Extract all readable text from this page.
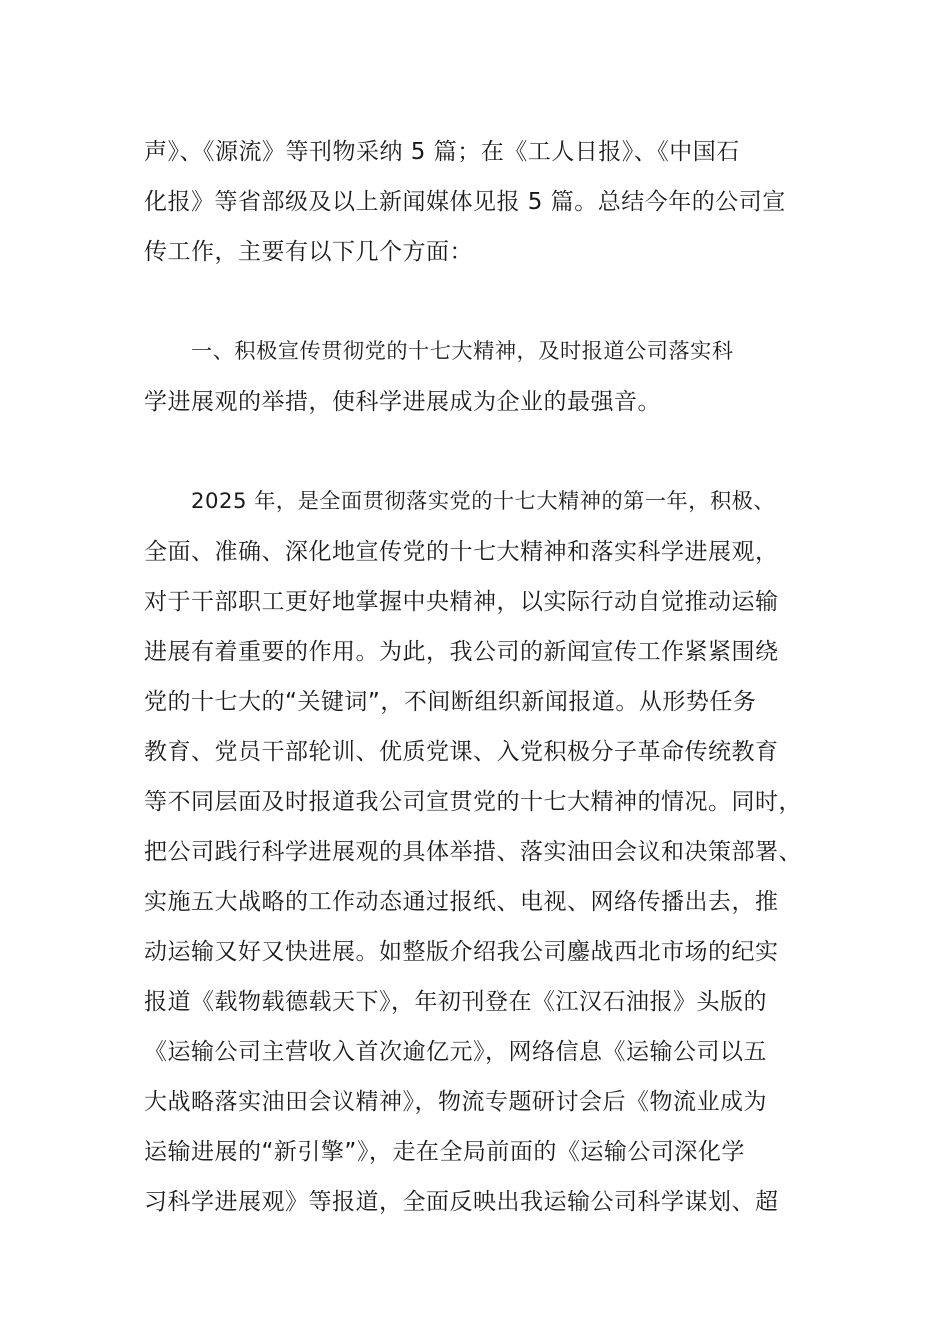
声》、《源流》等刊物采纳 5 篇；在《工人日报》、《中国石
化报》等省部级及以上新闻媒体见报 5 篇。总结今年的公司宣
传工作，主要有以下几个方面：
一、积极宣传贯彻党的十七大精神，及时报道公司落实科
学进展观的举措，使科学进展成为企业的最强音。
2025 年，是全面贯彻落实党的十七大精神的第一年，积极、
全面、准确、深化地宣传党的十七大精神和落实科学进展观，
对于干部职工更好地掌握中央精神，以实际行动自觉推动运输
进展有着重要的作用。为此，我公司的新闻宣传工作紧紧围绕
党的十七大的“关键词”，不间断组织新闻报道。从形势任务
教育、党员干部轮训、优质党课、入党积极分子革命传统教育
等不同层面及时报道我公司宣贯党的十七大精神的情况。同时，
把公司践行科学进展观的具体举措、落实油田会议和决策部署、
实施五大战略的工作动态通过报纸、电视、网络传播出去，推
动运输又好又快进展。如整版介绍我公司鏖战西北市场的纪实
报道《载物载德载天下》，年初刊登在《江汉石油报》头版的
《运输公司主营收入首次逾亿元》，网络信息《运输公司以五
大战略落实油田会议精神》，物流专题研讨会后《物流业成为
运输进展的“新引擎”》，走在全局前面的《运输公司深化学
习科学进展观》等报道，全面反映出我运输公司科学谋划、超
